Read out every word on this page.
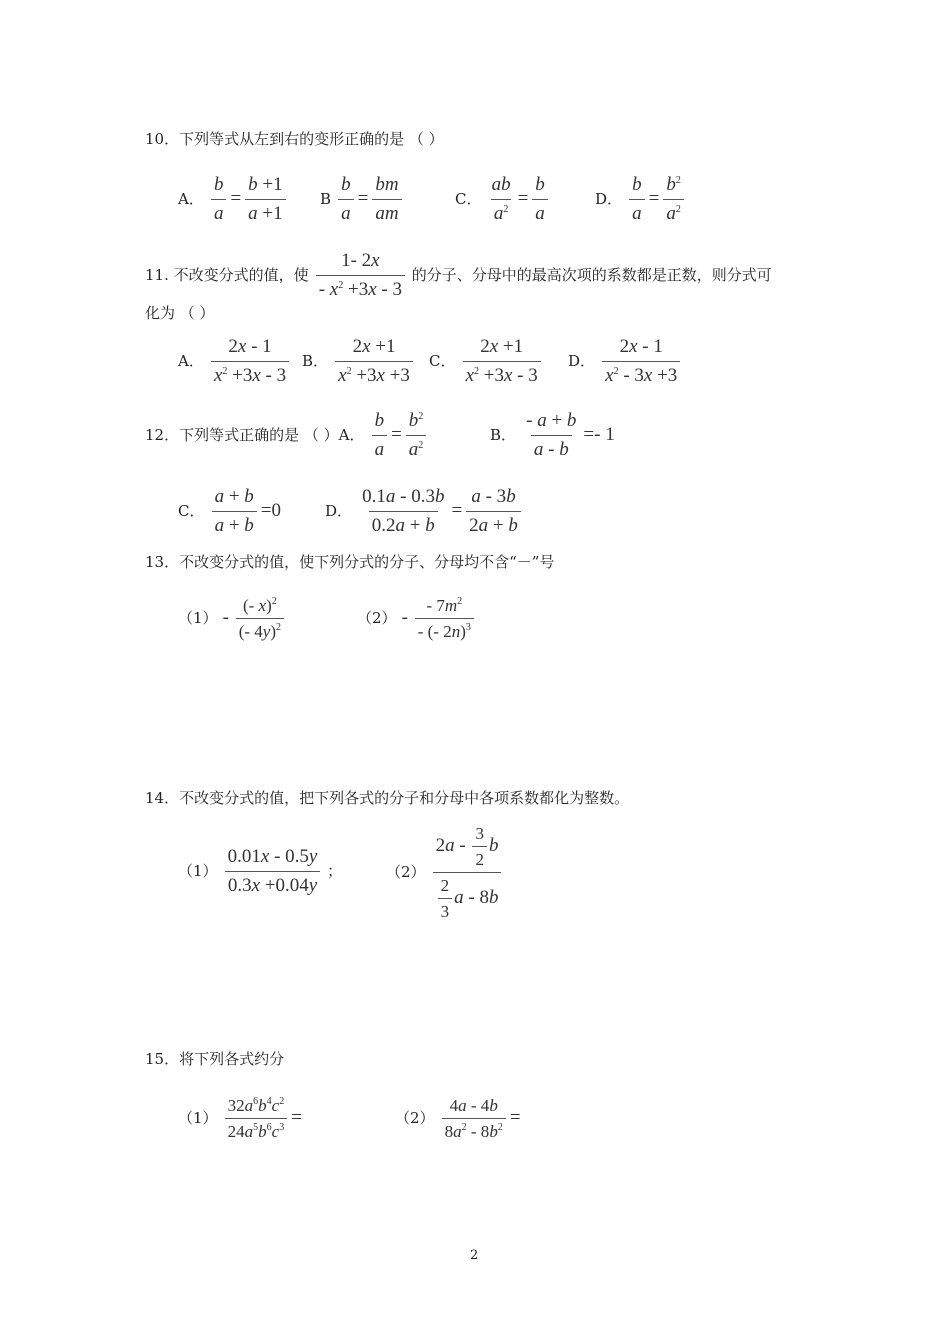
10．下列等式从左到右的变形正确的是 （ ）
A． $\frac{b}{a} = \frac{b +1}{a +1}$ B $\frac{b}{a} = \frac{bm}{am}$	C． $\frac{ab}{a^2} = \frac{b}{a}$	D． $\frac{b}{a} = \frac{b^2}{a^2}$
11. 不改变分式的值，使 $\frac{1- 2x}{- x^2 +3x - 3}$ 的分子、分母中的最高次项的系数都是正数，则分式可
化为 （ ）
A． $\frac{2x - 1}{x^2 +3x - 3}$ B． $\frac{2x +1}{x^2 +3x +3}$ C． $\frac{2x +1}{x^2 +3x - 3}$ D． $\frac{2x - 1}{x^2 - 3x +3}$
12．下列等式正确的是 （ ）A． $\frac{b}{a} = \frac{b^2}{a^2}$	B． $\frac{- a + b}{a - b} =- 1$
C． $\frac{a + b}{a + b} =0$	D． $\frac{0.1a - 0.3b}{0.2a + b} = \frac{a - 3b}{2a + b}$
13．不改变分式的值，使下列分式的分子、分母均不含“－”号
$(1) - \frac{(- x)^2}{(- 4y)^2}$	$(2) - \frac{- 7m^2}{- (- 2n)^3}$
14．不改变分式的值，把下列各式的分子和分母中各项系数都化为整数。
$(1) \frac{0.01x - 0.5y}{0.3x +0.04y}$ ；	$(2) \frac{2a - \frac{3}{2} b}{\frac{2}{3} a - 8b}$
15．将下列各式约分
$(1) \frac{32a^6b^4c^2}{24a^5b^6c^3}$ =	$(2) \frac{4a - 4b}{8a^2 - 8b^2}$ =
2
